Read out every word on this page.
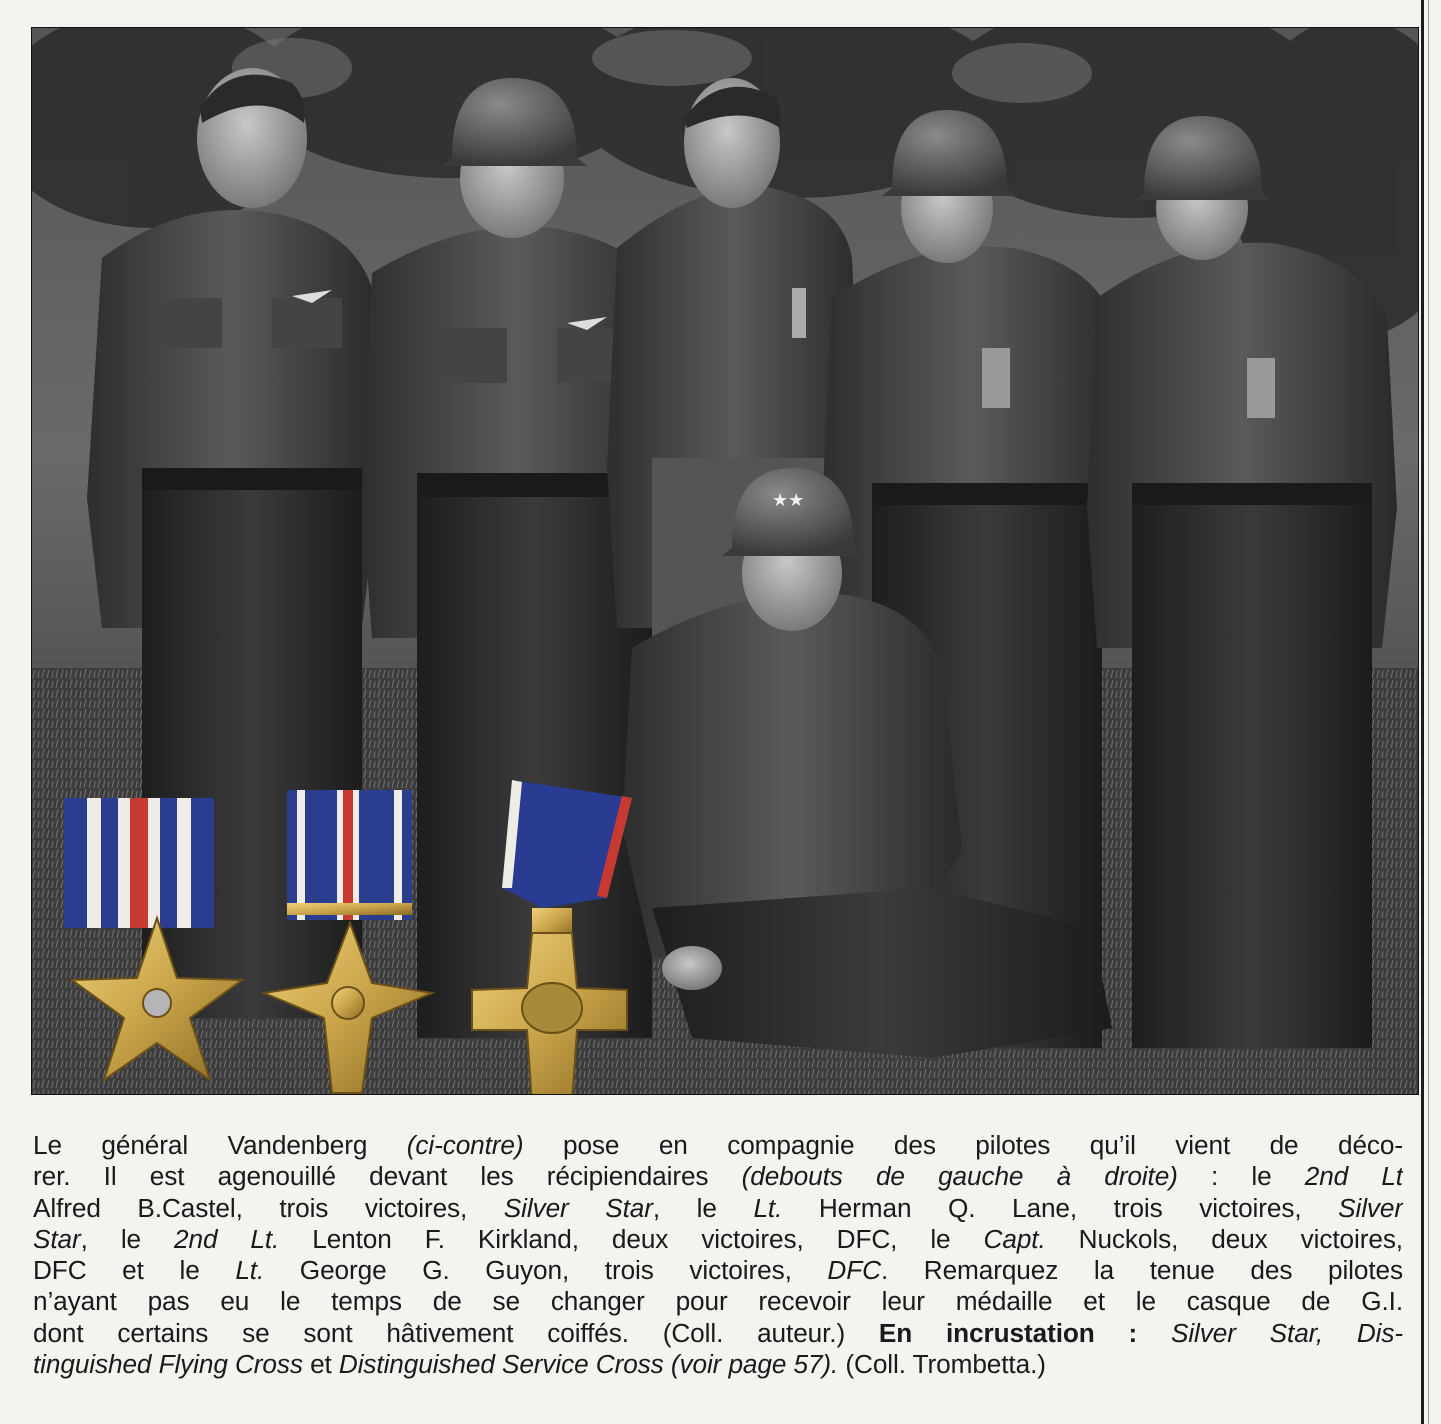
★★
Le général Vandenberg (ci-contre) pose en compagnie des pilotes qu’il vient de déco-
rer. Il est agenouillé devant les récipiendaires (debouts de gauche à droite) : le 2nd Lt
Alfred B.Castel, trois victoires, Silver Star, le Lt. Herman Q. Lane, trois victoires, Silver
Star, le 2nd Lt. Lenton F. Kirkland, deux victoires, DFC, le Capt. Nuckols, deux victoires,
DFC et le Lt. George G. Guyon, trois victoires, DFC. Remarquez la tenue des pilotes
n’ayant pas eu le temps de se changer pour recevoir leur médaille et le casque de G.I.
dont certains se sont hâtivement coiffés. (Coll. auteur.) En incrustation : Silver Star, Dis-
tinguished Flying Cross et Distinguished Service Cross (voir page 57). (Coll. Trombetta.)
